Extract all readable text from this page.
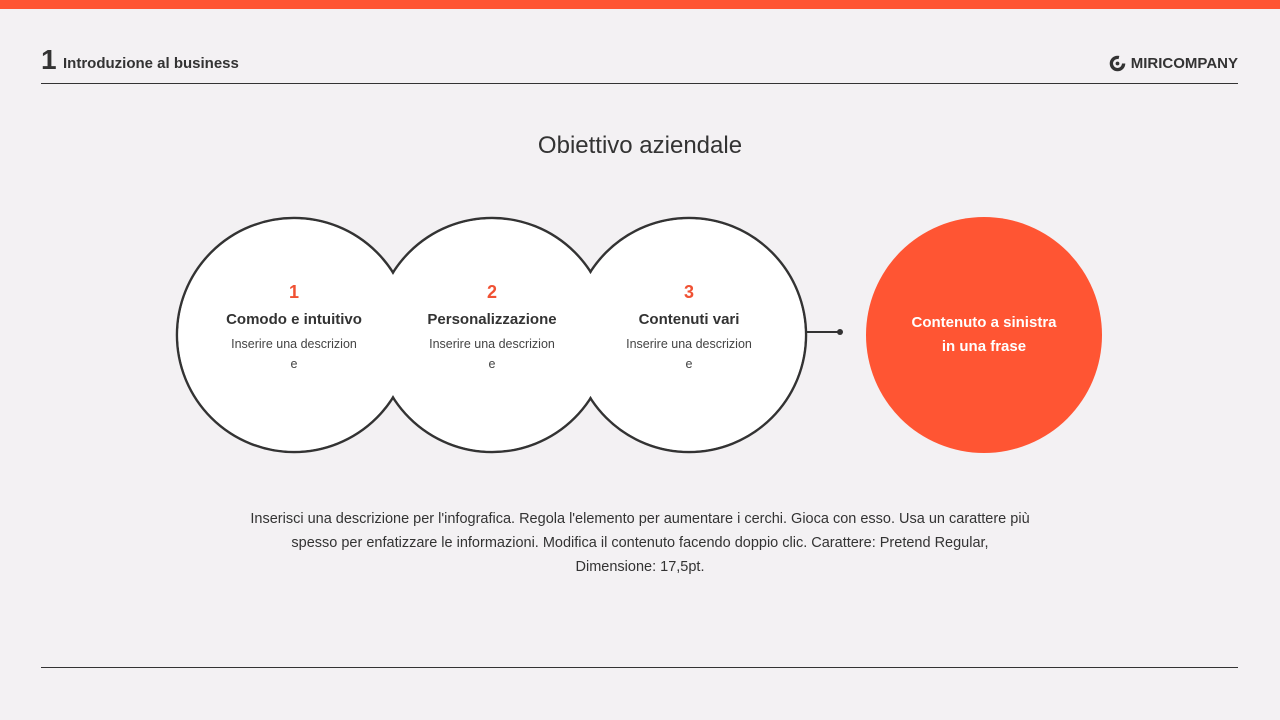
1 Introduzione al business	MIRICOMPANY
Obiettivo aziendale
1
Comodo e intuitivo
Inserire una descrizione
2
Personalizzazione
Inserire una descrizione
3
Contenuti vari
Inserire una descrizione
Contenuto a sinistra in una frase
Inserisci una descrizione per l'infografica. Regola l'elemento per aumentare i cerchi. Gioca con esso. Usa un carattere più spesso per enfatizzare le informazioni. Modifica il contenuto facendo doppio clic. Carattere: Pretend Regular, Dimensione: 17,5pt.
